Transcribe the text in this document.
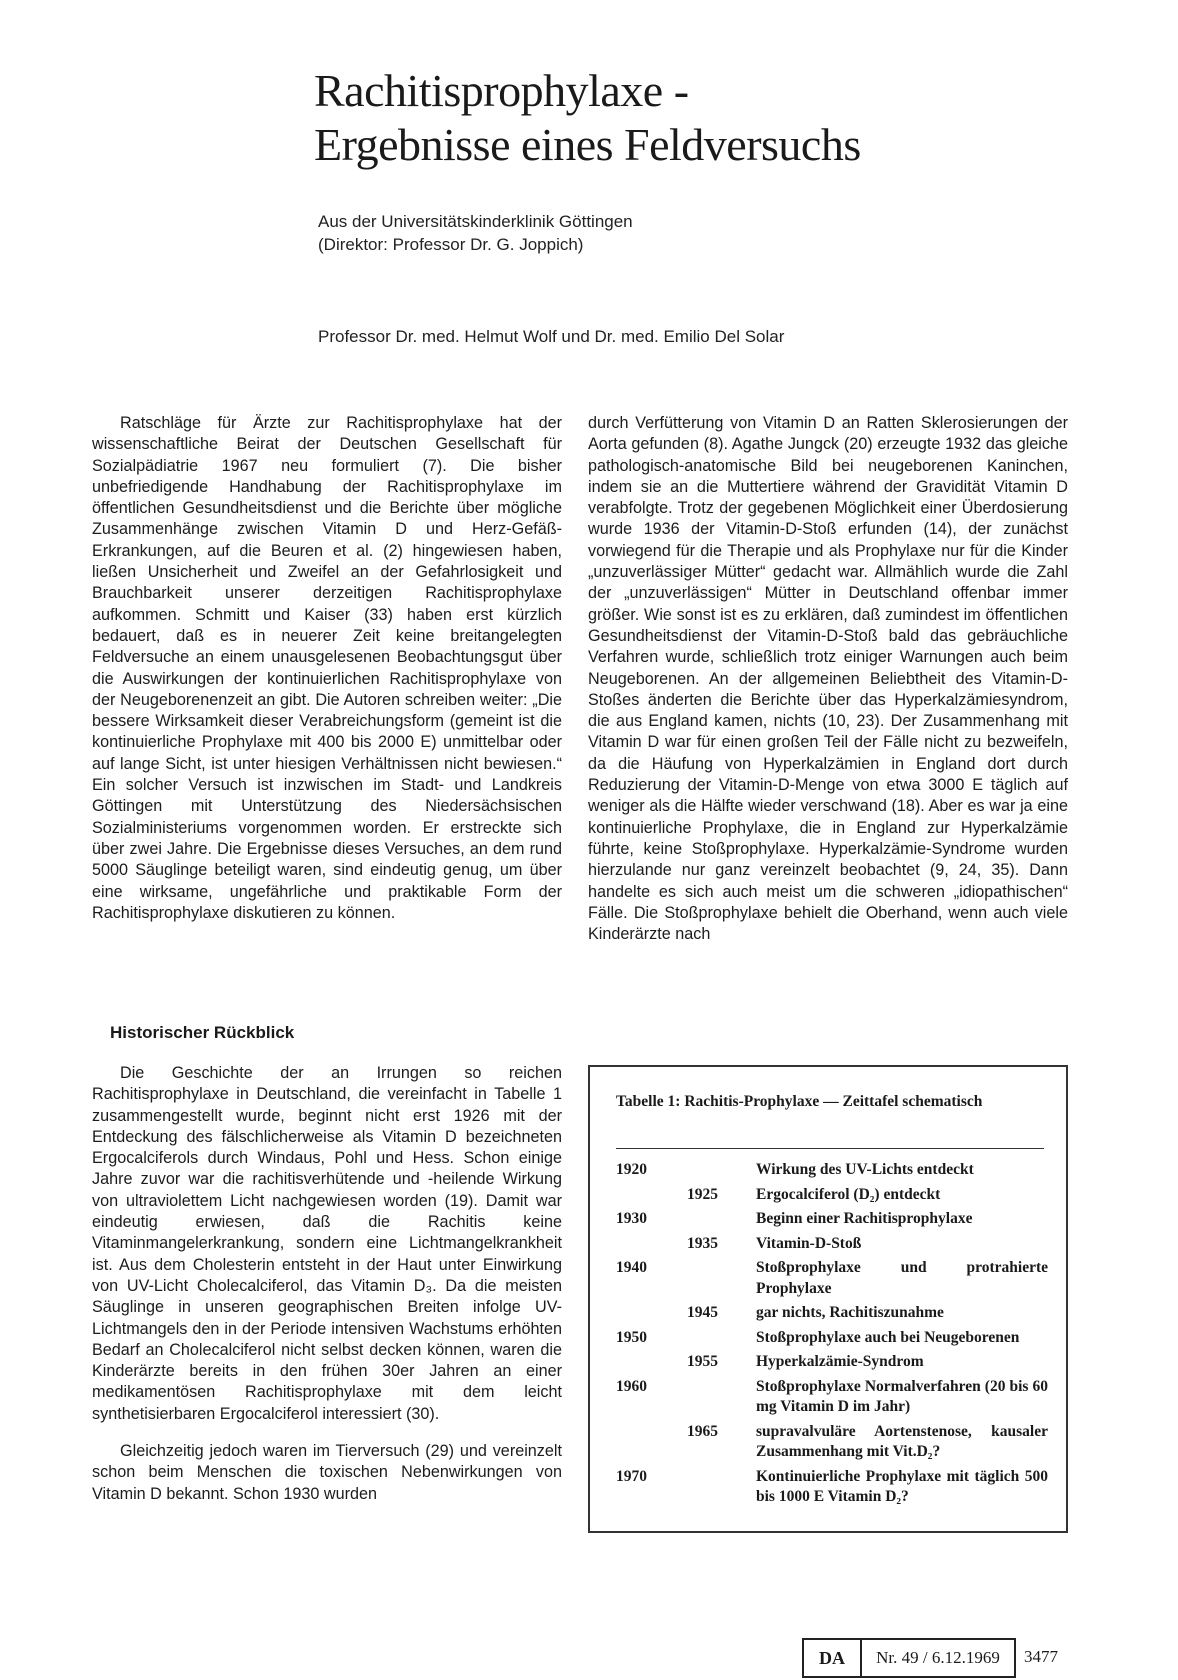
Rachitisprophylaxe -
Ergebnisse eines Feldversuchs
Aus der Universitätskinderklinik Göttingen
(Direktor: Professor Dr. G. Joppich)
Professor Dr. med. Helmut Wolf und Dr. med. Emilio Del Solar

Ratschläge für Ärzte zur Rachitisprophylaxe hat der wissenschaftliche Beirat der Deutschen Gesellschaft für Sozialpädiatrie 1967 neu formuliert (7). Die bisher unbefriedigende Handhabung der Rachitisprophylaxe im öffentlichen Gesundheitsdienst und die Berichte über mögliche Zusammenhänge zwischen Vitamin D und Herz-Gefäß-Erkrankungen, auf die Beuren et al. (2) hingewiesen haben, ließen Unsicherheit und Zweifel an der Gefahrlosigkeit und Brauchbarkeit unserer derzeitigen Rachitisprophylaxe aufkommen. Schmitt und Kaiser (33) haben erst kürzlich bedauert, daß es in neuerer Zeit keine breitangelegten Feldversuche an einem unausgelesenen Beobachtungsgut über die Auswirkungen der kontinuierlichen Rachitisprophylaxe von der Neugeborenenzeit an gibt. Die Autoren schreiben weiter: „Die bessere Wirksamkeit dieser Verabreichungsform (gemeint ist die kontinuierliche Prophylaxe mit 400 bis 2000 E) unmittelbar oder auf lange Sicht, ist unter hiesigen Verhältnissen nicht bewiesen.“ Ein solcher Versuch ist inzwischen im Stadt- und Landkreis Göttingen mit Unterstützung des Niedersächsischen Sozialministeriums vorgenommen worden. Er erstreckte sich über zwei Jahre. Die Ergebnisse dieses Versuches, an dem rund 5000 Säuglinge beteiligt waren, sind eindeutig genug, um über eine wirksame, ungefährliche und praktikable Form der Rachitisprophylaxe diskutieren zu können.

Historischer Rückblick

Die Geschichte der an Irrungen so reichen Rachitisprophylaxe in Deutschland, die vereinfacht in Tabelle 1 zusammengestellt wurde, beginnt nicht erst 1926 mit der Entdeckung des fälschlicherweise als Vitamin D bezeichneten Ergocalciferols durch Windaus, Pohl und Hess. Schon einige Jahre zuvor war die rachitisverhütende und -heilende Wirkung von ultraviolettem Licht nachgewiesen worden (19). Damit war eindeutig erwiesen, daß die Rachitis keine Vitaminmangelerkrankung, sondern eine Lichtmangelkrankheit ist. Aus dem Cholesterin entsteht in der Haut unter Einwirkung von UV-Licht Cholecalciferol, das Vitamin D₃. Da die meisten Säuglinge in unseren geographischen Breiten infolge UV-Lichtmangels den in der Periode intensiven Wachstums erhöhten Bedarf an Cholecalciferol nicht selbst decken können, waren die Kinderärzte bereits in den frühen 30er Jahren an einer medikamentösen Rachitisprophylaxe mit dem leicht synthetisierbaren Ergocalciferol interessiert (30).

Gleichzeitig jedoch waren im Tierversuch (29) und vereinzelt schon beim Menschen die toxischen Nebenwirkungen von Vitamin D bekannt. Schon 1930 wurden

durch Verfütterung von Vitamin D an Ratten Sklerosierungen der Aorta gefunden (8). Agathe Jungck (20) erzeugte 1932 das gleiche pathologisch-anatomische Bild bei neugeborenen Kaninchen, indem sie an die Muttertiere während der Gravidität Vitamin D verabfolgte. Trotz der gegebenen Möglichkeit einer Überdosierung wurde 1936 der Vitamin-D-Stoß erfunden (14), der zunächst vorwiegend für die Therapie und als Prophylaxe nur für die Kinder „unzuverlässiger Mütter“ gedacht war. Allmählich wurde die Zahl der „unzuverlässigen“ Mütter in Deutschland offenbar immer größer. Wie sonst ist es zu erklären, daß zumindest im öffentlichen Gesundheitsdienst der Vitamin-D-Stoß bald das gebräuchliche Verfahren wurde, schließlich trotz einiger Warnungen auch beim Neugeborenen. An der allgemeinen Beliebtheit des Vitamin-D-Stoßes änderten die Berichte über das Hyperkalzämiesyndrom, die aus England kamen, nichts (10, 23). Der Zusammenhang mit Vitamin D war für einen großen Teil der Fälle nicht zu bezweifeln, da die Häufung von Hyperkalzämien in England dort durch Reduzierung der Vitamin-D-Menge von etwa 3000 E täglich auf weniger als die Hälfte wieder verschwand (18). Aber es war ja eine kontinuierliche Prophylaxe, die in England zur Hyperkalzämie führte, keine Stoßprophylaxe. Hyperkalzämie-Syndrome wurden hierzulande nur ganz vereinzelt beobachtet (9, 24, 35). Dann handelte es sich auch meist um die schweren „idiopathischen“ Fälle. Die Stoßprophylaxe behielt die Oberhand, wenn auch viele Kinderärzte nach

Tabelle 1: Rachitis-Prophylaxe — Zeittafel schematisch
1920	Wirkung des UV-Lichts entdeckt
1925	Ergocalciferol (D₂) entdeckt
1930	Beginn einer Rachitisprophylaxe
1935	Vitamin-D-Stoß
1940	Stoßprophylaxe und protrahierte Prophylaxe
1945	gar nichts, Rachitiszunahme
1950	Stoßprophylaxe auch bei Neugeborenen
1955	Hyperkalzämie-Syndrom
1960	Stoßprophylaxe Normalverfahren (20 bis 60 mg Vitamin D im Jahr)
1965	supravalvuläre Aortenstenose, kausaler Zusammenhang mit Vit.D₂?
1970	Kontinuierliche Prophylaxe mit täglich 500 bis 1000 E Vitamin D₂?
DA	Nr. 49 / 6.12.1969	3477
